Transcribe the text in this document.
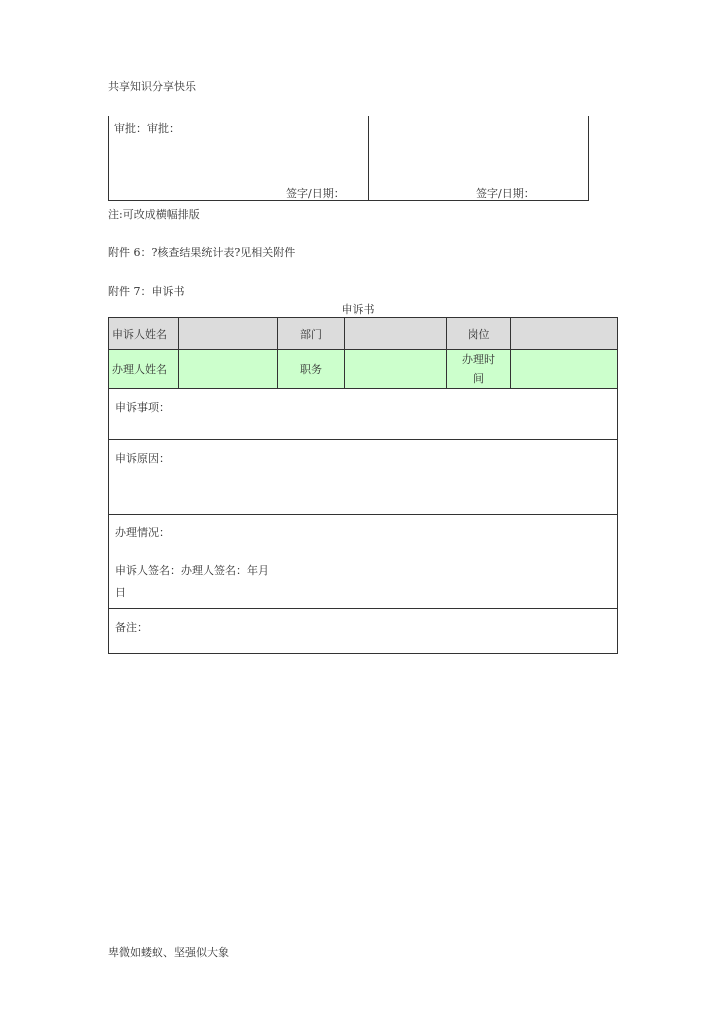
共享知识分享快乐
审批：审批：
签字/日期：	签字/日期：
注:可改成横幅排版
附件 6：?核查结果统计表?见相关附件
附件 7：申诉书
申诉书
申诉人姓名		部门		岗位	
办理人姓名		职务		办理时
间	

申诉事项：					
申诉原因：					

办理情况：
申诉人签名：办理人签名：年月
日					

备注：					
卑微如蝼蚁、坚强似大象
